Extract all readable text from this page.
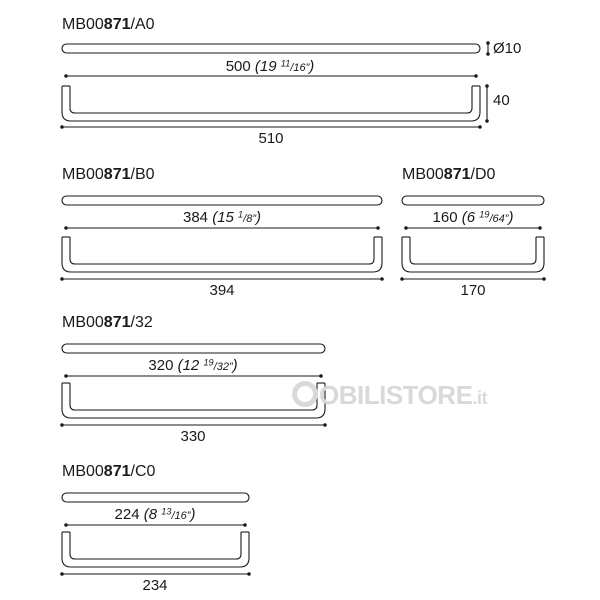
OBILISTORE.it
MB00871/A0
500 (19 $^{11}$/16”)
510
Ø10
40
MB00871/B0
384 (15 $^1$/8”)
394
MB00871/D0
160 (6 $^{19}$/64”)
170
MB00871/32
320 (12 $^{19}$/32”)
330
MB00871/C0
224 (8 $^{13}$/16”)
234
